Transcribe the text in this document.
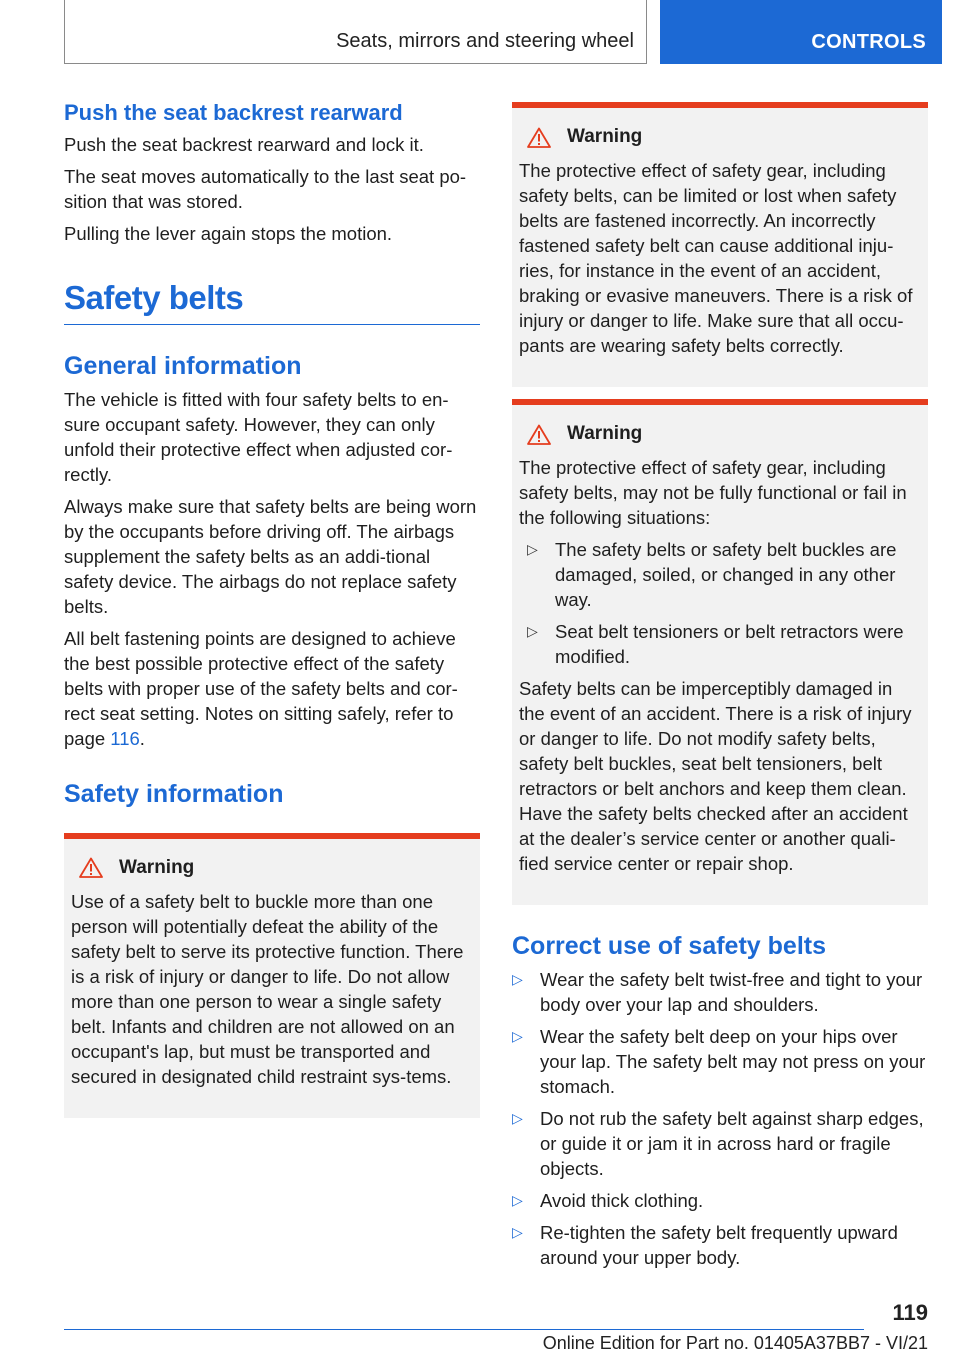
Seats, mirrors and steering wheel	CONTROLS
Push the seat backrest rearward

Push the seat backrest rearward and lock it.

The seat moves automatically to the last seat po-sition that was stored.

Pulling the lever again stops the motion.

Safety belts
General information

The vehicle is fitted with four safety belts to en-sure occupant safety. However, they can only unfold their protective effect when adjusted cor-rectly.

Always make sure that safety belts are being worn by the occupants before driving off. The airbags supplement the safety belts as an addi-tional safety device. The airbags do not replace safety belts.

All belt fastening points are designed to achieve the best possible protective effect of the safety belts with proper use of the safety belts and cor-rect seat setting. Notes on sitting safely, refer to page 116.

Safety information
Warning

Use of a safety belt to buckle more than one person will potentially defeat the ability of the safety belt to serve its protective function. There is a risk of injury or danger to life. Do not allow more than one person to wear a single safety belt. Infants and children are not allowed on an occupant's lap, but must be transported and secured in designated child restraint sys-tems.

Warning

The protective effect of safety gear, including safety belts, can be limited or lost when safety belts are fastened incorrectly. An incorrectly fastened safety belt can cause additional inju-ries, for instance in the event of an accident, braking or evasive maneuvers. There is a risk of injury or danger to life. Make sure that all occu-pants are wearing safety belts correctly.

Warning

The protective effect of safety gear, including safety belts, may not be fully functional or fail in the following situations:

▷ The safety belts or safety belt buckles are damaged, soiled, or changed in any other way.
▷ Seat belt tensioners or belt retractors were modified.

Safety belts can be imperceptibly damaged in the event of an accident. There is a risk of injury or danger to life. Do not modify safety belts, safety belt buckles, seat belt tensioners, belt retractors or belt anchors and keep them clean. Have the safety belts checked after an accident at the dealer’s service center or another quali-fied service center or repair shop.

Correct use of safety belts
▷ Wear the safety belt twist-free and tight to your body over your lap and shoulders.
▷ Wear the safety belt deep on your hips over your lap. The safety belt may not press on your stomach.
▷ Do not rub the safety belt against sharp edges, or guide it or jam it in across hard or fragile objects.
▷ Avoid thick clothing.
▷ Re-tighten the safety belt frequently upward around your upper body.
119
Online Edition for Part no. 01405A37BB7 - VI/21
